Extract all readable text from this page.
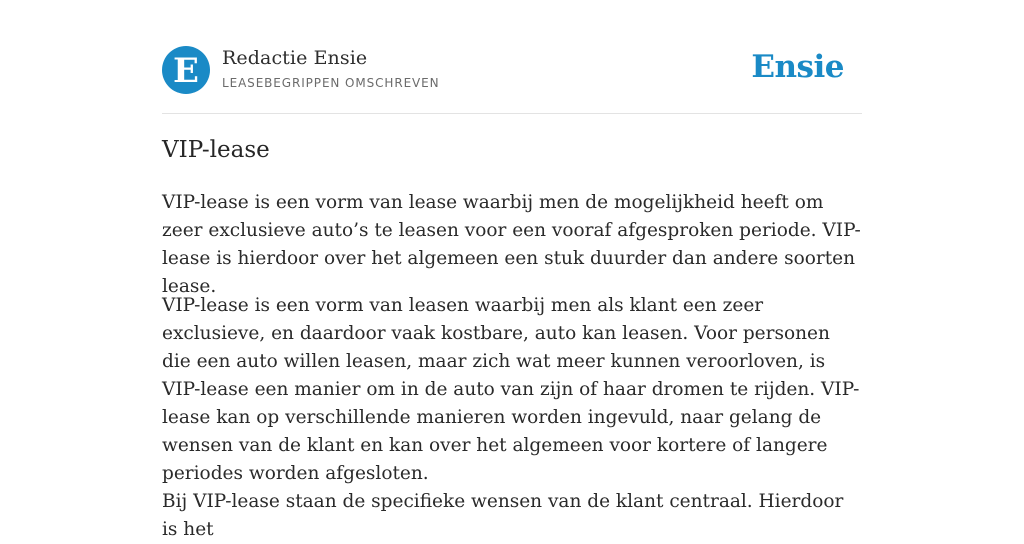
E Redactie Ensie
LEASEBEGRIPPEN OMSCHREVEN	Ensie
VIP-lease

VIP-lease is een vorm van lease waarbij men de mogelijkheid heeft om zeer exclusieve auto’s te leasen voor een vooraf afgesproken periode. VIP- lease is hierdoor over het algemeen een stuk duurder dan andere soorten lease.

VIP-lease is een vorm van leasen waarbij men als klant een zeer exclusieve, en daardoor vaak kostbare, auto kan leasen. Voor personen die een auto willen leasen, maar zich wat meer kunnen veroorloven, is VIP-lease een manier om in de auto van zijn of haar dromen te rijden. VIP-lease kan op verschillende manieren worden ingevuld, naar gelang de wensen van de klant en kan over het algemeen voor kortere of langere periodes worden afgesloten.

Bij VIP-lease staan de specifieke wensen van de klant centraal. Hierdoor is het
